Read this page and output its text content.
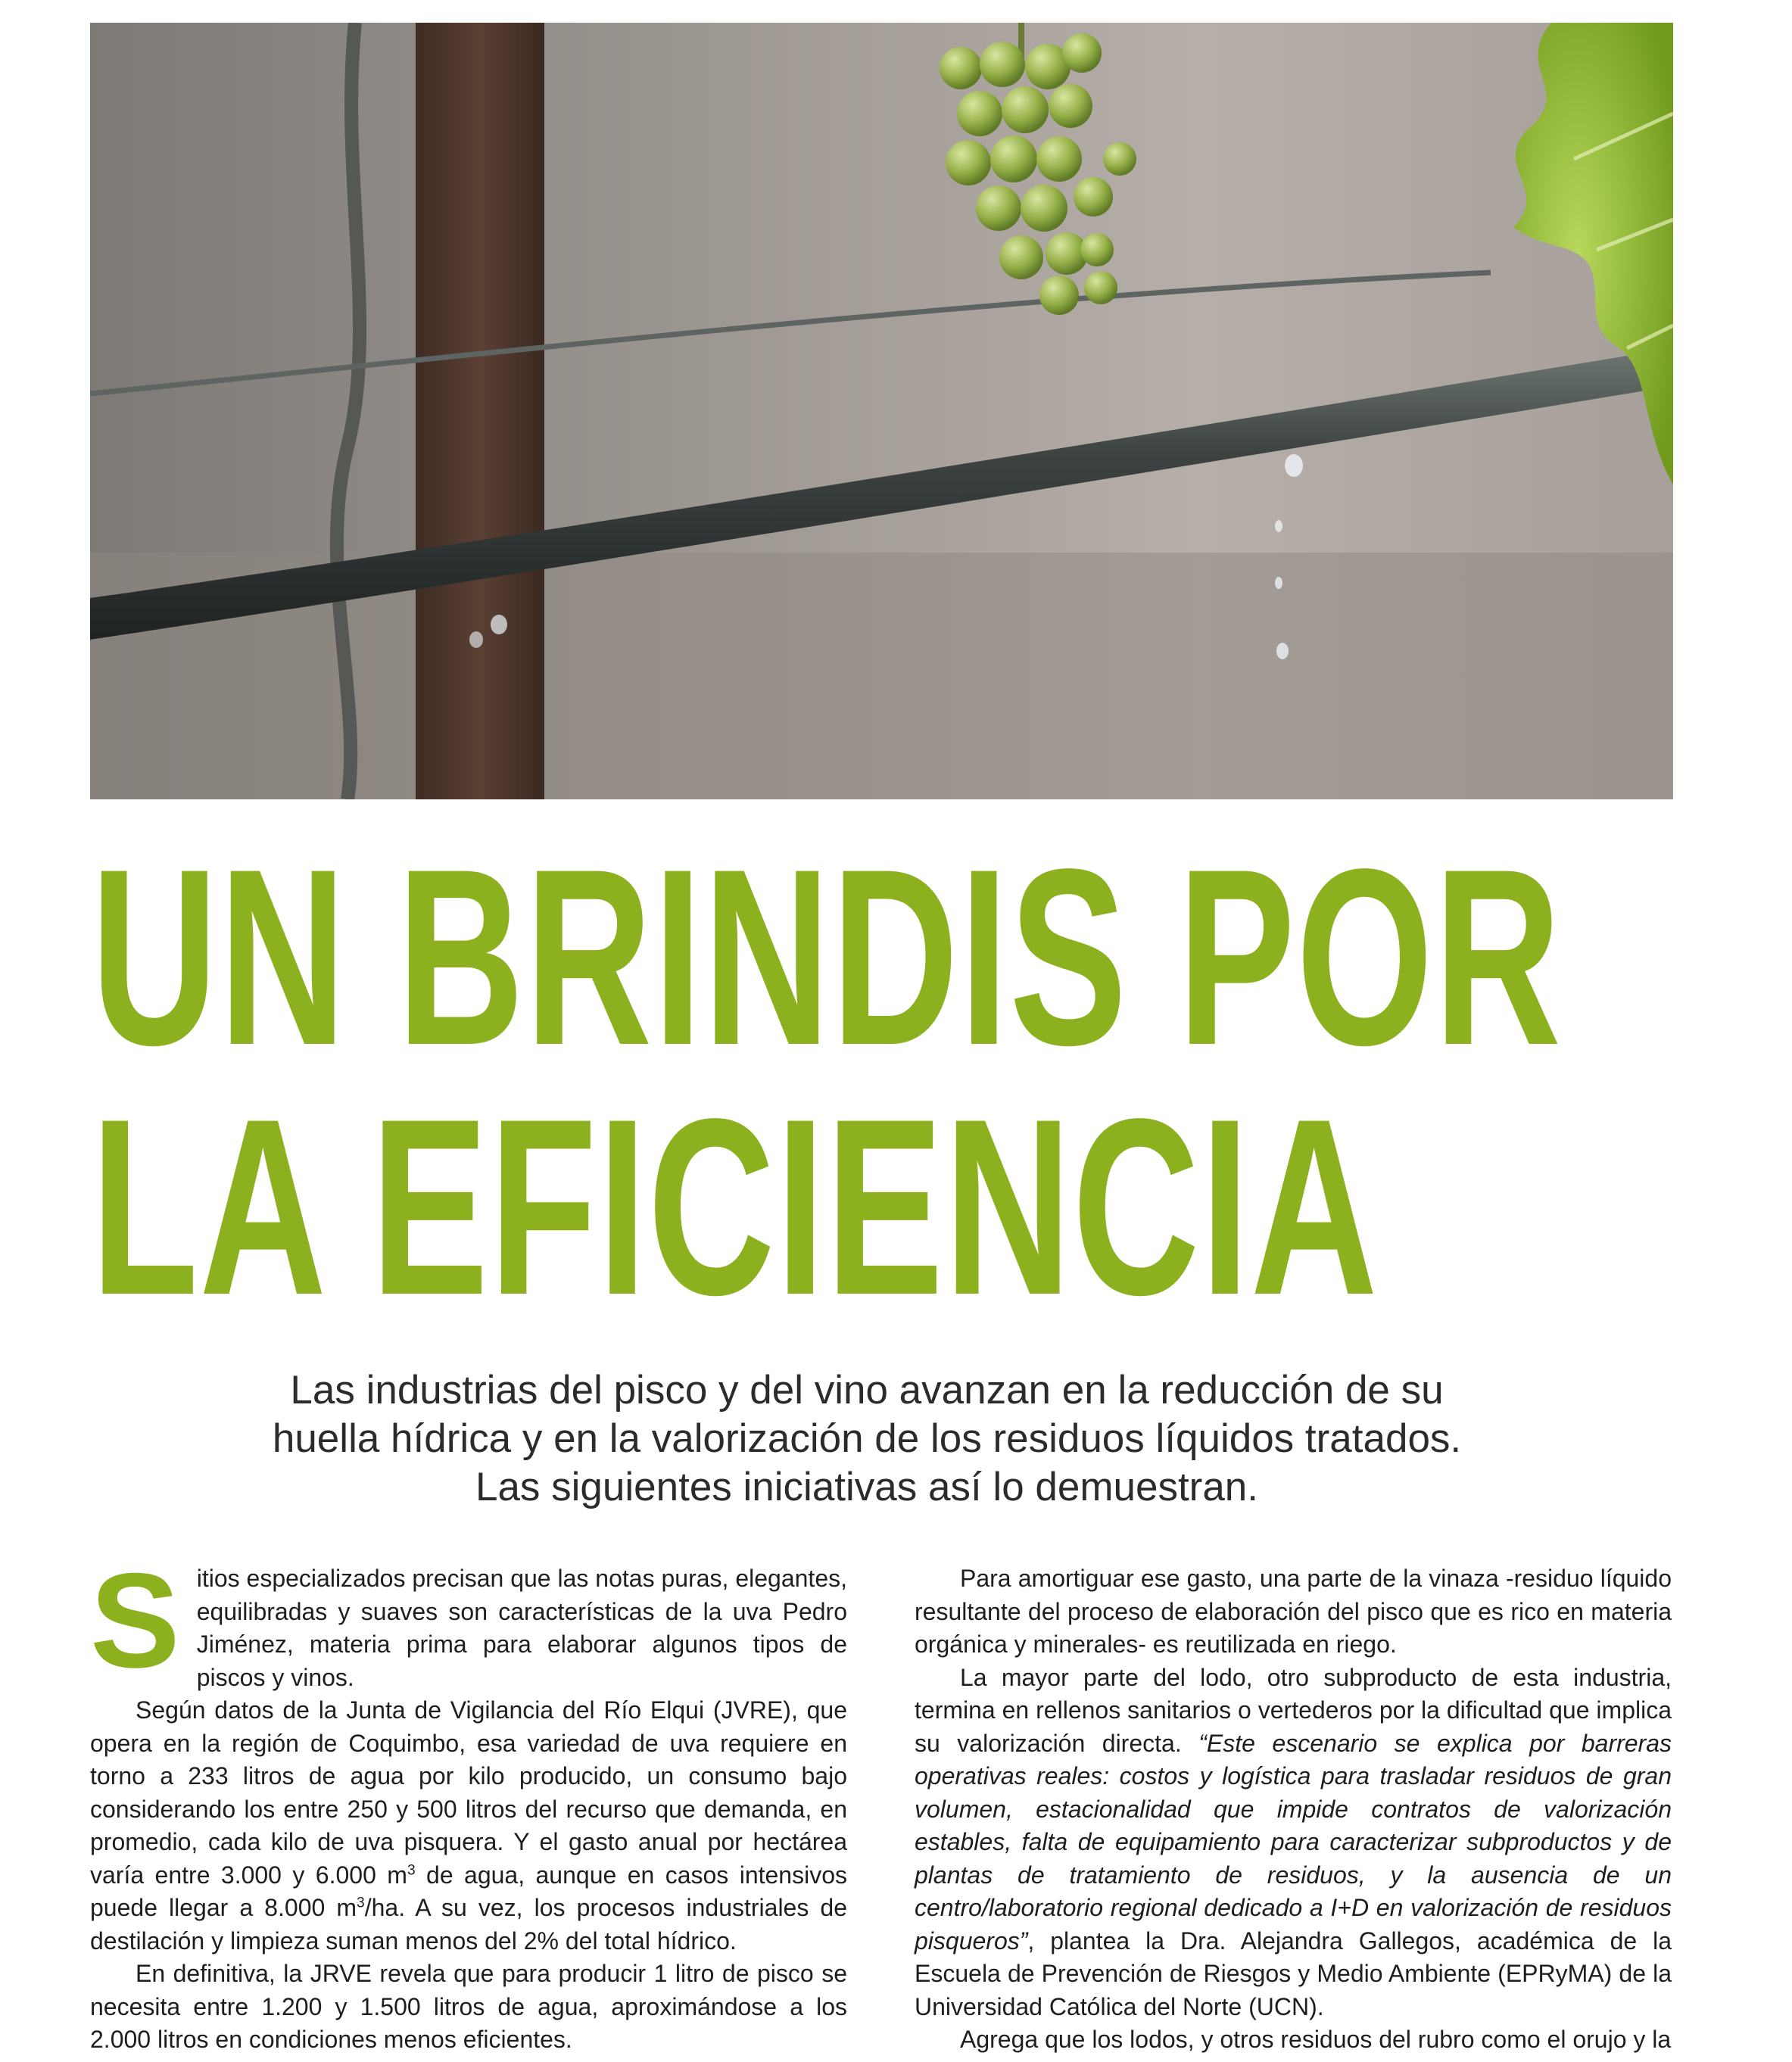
UN BRINDIS POR
LA EFICIENCIA

Las industrias del pisco y del vino avanzan en la reducción de su huella hídrica y en la valorización de los residuos líquidos tratados. Las siguientes iniciativas así lo demuestran.

Sitios especializados precisan que las notas puras, elegantes, equilibradas y suaves son características de la uva Pedro Jiménez, materia prima para elaborar algunos tipos de piscos y vinos.

Según datos de la Junta de Vigilancia del Río Elqui (JVRE), que opera en la región de Coquimbo, esa variedad de uva requiere en torno a 233 litros de agua por kilo producido, un consumo bajo considerando los entre 250 y 500 litros del recurso que demanda, en promedio, cada kilo de uva pisquera. Y el gasto anual por hectárea varía entre 3.000 y 6.000 $m^3$ de agua, aunque en casos intensivos puede llegar a 8.000 $m^3/ha$. A su vez, los procesos industriales de destilación y limpieza suman menos del 2% del total hídrico.

En definitiva, la JRVE revela que para producir 1 litro de pisco se necesita entre 1.200 y 1.500 litros de agua, aproximándose a los 2.000 litros en condiciones menos eficientes.

Para amortiguar ese gasto, una parte de la vinaza -residuo líquido resultante del proceso de elaboración del pisco que es rico en materia orgánica y minerales- es reutilizada en riego.

La mayor parte del lodo, otro subproducto de esta industria, termina en rellenos sanitarios o vertederos por la dificultad que implica su valorización directa. “Este escenario se explica por barreras operativas reales: costos y logística para trasladar residuos de gran volumen, estacionalidad que impide contratos de valorización estables, falta de equipamiento para caracterizar subproductos y de plantas de tratamiento de residuos, y la ausencia de un centro/laboratorio regional dedicado a I+D en valorización de residuos pisqueros”, plantea la Dra. Alejandra Gallegos, académica de la Escuela de Prevención de Riesgos y Medio Ambiente (EPRyMA) de la Universidad Católica del Norte (UCN).

Agrega que los lodos, y otros residuos del rubro como el orujo y la
